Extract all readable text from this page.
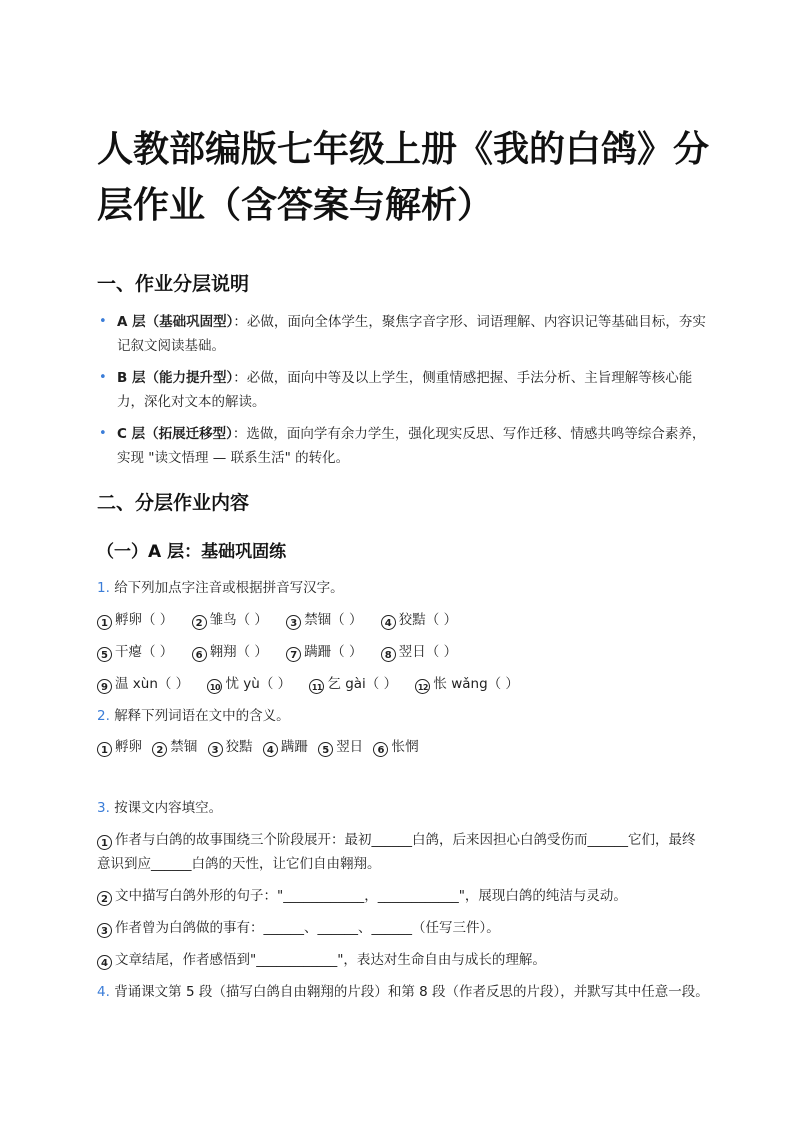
人教部编版七年级上册《我的白鸽》分层作业（含答案与解析）
一、作业分层说明
• A 层（基础巩固型）：必做，面向全体学生，聚焦字音字形、词语理解、内容识记等基础目标，夯实记叙文阅读基础。
• B 层（能力提升型）：必做，面向中等及以上学生，侧重情感把握、手法分析、主旨理解等核心能力，深化对文本的解读。
• C 层（拓展迁移型）：选做，面向学有余力学生，强化现实反思、写作迁移、情感共鸣等综合素养，实现 "读文悟理 — 联系生活" 的转化。
二、分层作业内容
（一）A 层：基础巩固练
1. 给下列加点字注音或根据拼音写汉字。
1 孵卵（ ） 2 雏鸟（ ） 3 禁锢（ ） 4 狡黠（ ）
5 干瘪（ ） 6 翱翔（ ） 7 蹒跚（ ） 8 翌日（ ）
9 温 xùn（ ）	10 忧 yù（ ）	11 乞 gài（ ）	12 怅 wǎng（ ）
2. 解释下列词语在文中的含义。
1 孵卵 2 禁锢 3 狡黠 4 蹒跚 5 翌日 6 怅惘
3. 按课文内容填空。
1 作者与白鸽的故事围绕三个阶段展开：最初______白鸽，后来因担心白鸽受伤而______它们，最终意识到应______白鸽的天性，让它们自由翱翔。
2 文中描写白鸽外形的句子："____________，____________"，展现白鸽的纯洁与灵动。
3 作者曾为白鸽做的事有：______、______、______（任写三件）。
4 文章结尾，作者感悟到"____________"，表达对生命自由与成长的理解。
4. 背诵课文第 5 段（描写白鸽自由翱翔的片段）和第 8 段（作者反思的片段），并默写其中任意一段。
